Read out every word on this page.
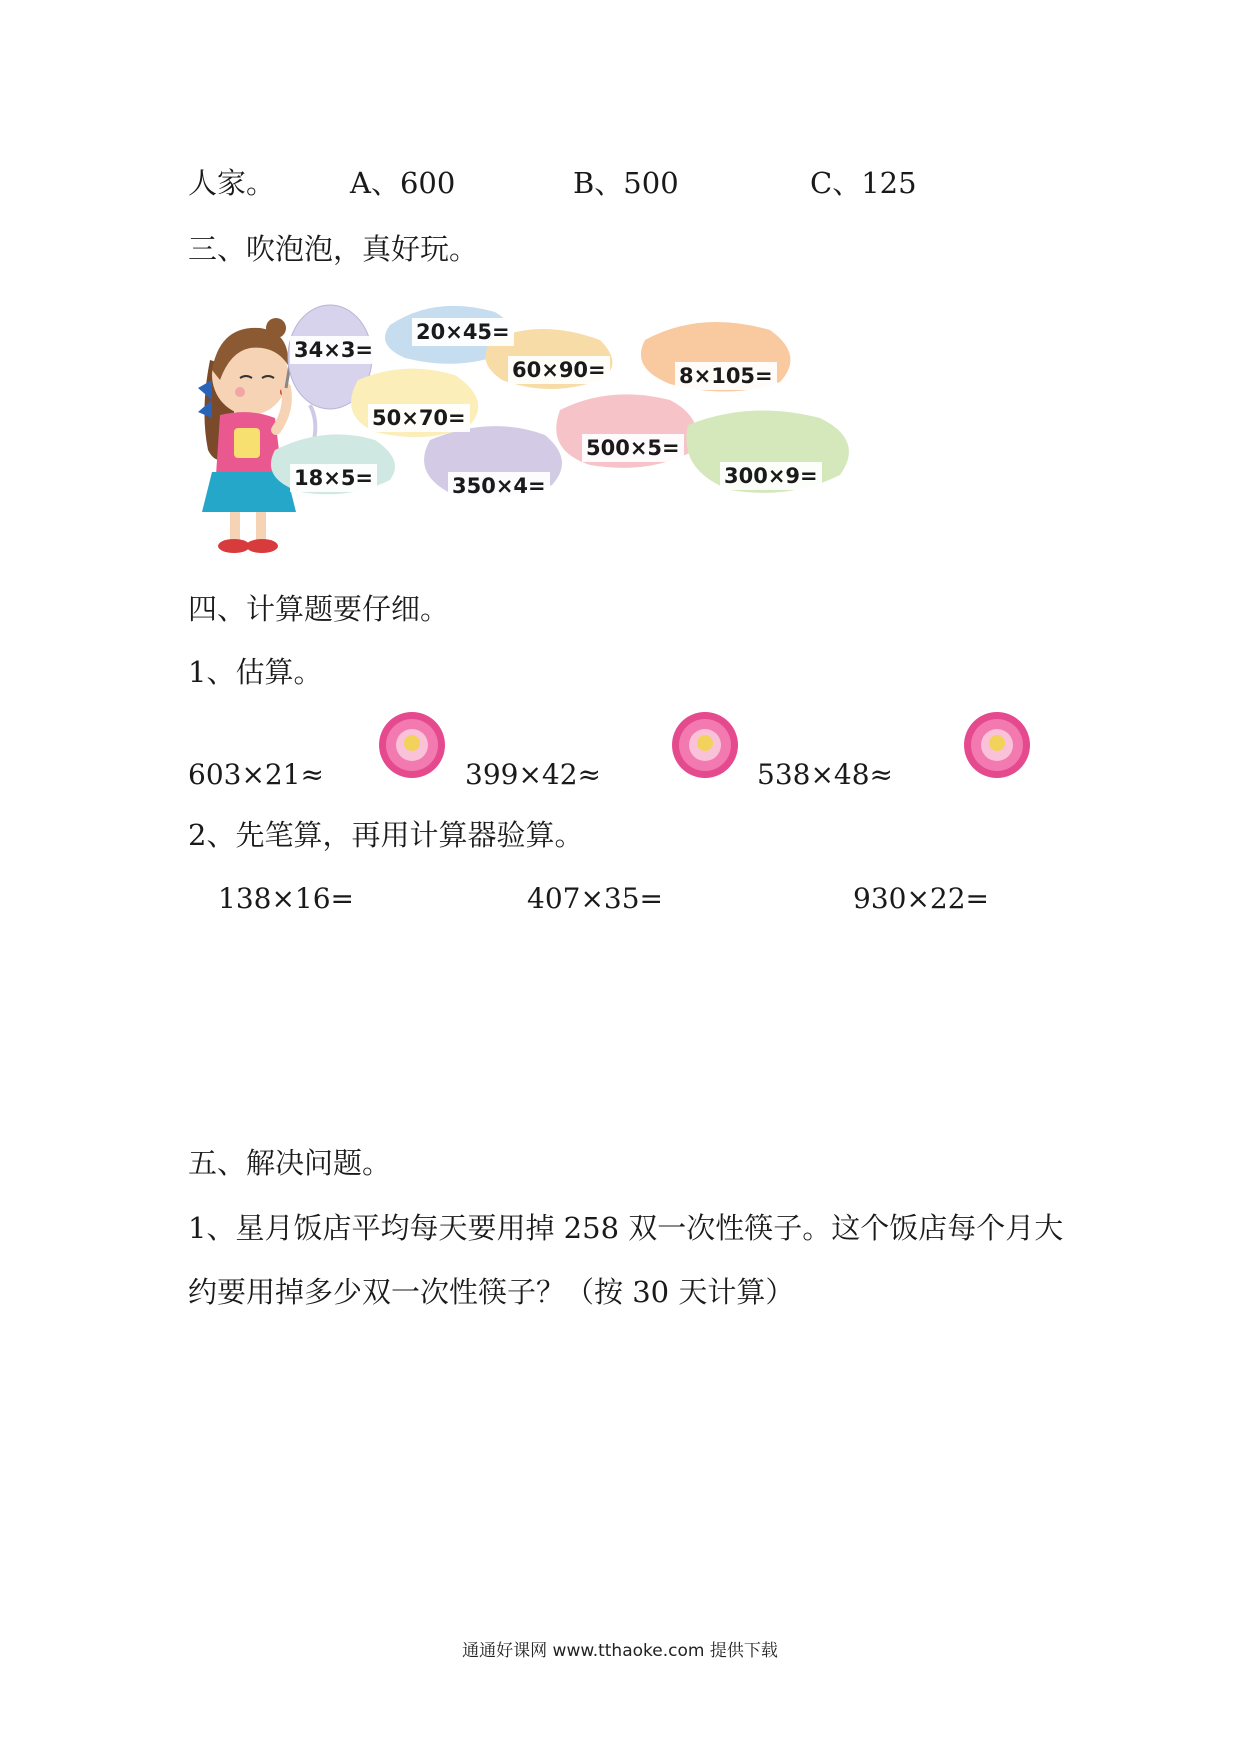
人家。	A、600	B、500	C、125
三、吹泡泡，真好玩。
34×3=
20×45=
60×90=	8×105=
50×70=
500×5=
300×9=
18×5=	350×4=
四、计算题要仔细。
1、估算。
603×21≈	399×42≈	538×48≈
2、先笔算，再用计算器验算。
138×16=	407×35=	930×22=
五、解决问题。
1、星月饭店平均每天要用掉 258 双一次性筷子。这个饭店每个月大
约要用掉多少双一次性筷子？（按 30 天计算）
通通好课网 www.tthaoke.com 提供下载
